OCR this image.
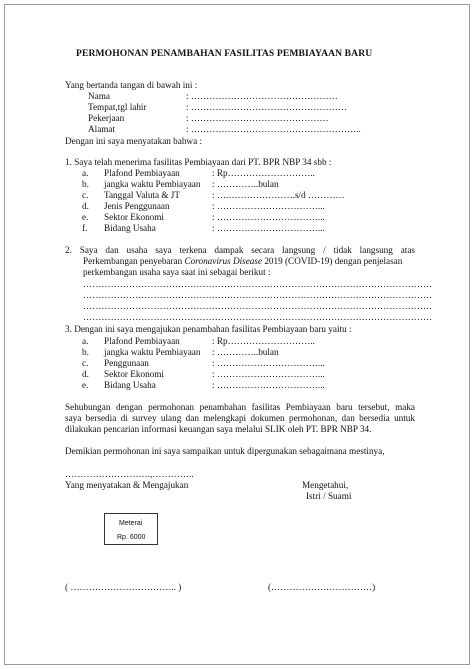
PERMOHONAN PENAMBAHAN FASILITAS PEMBIAYAAN BARU
Yang bertanda tangan di bawah ini :
Nama	: …………………………………………
Tempat,tgl lahir	: ……………………………………………
Pekerjaan	: ………………………………………
Alamat	: ………………………………………………..
Dengan ini saya menyatakan bahwa :
1. Saya telah menerima fasilitas Pembiayaan dari PT. BPR NBP 34 sbb :
a. Plafond Pembiayaan	: Rp………………………..
b. jangka waktu Pembiayaan : …………..bulan
c. Tanggal Valuta & JT	: ….………………….s/d …………
d. Jenis Penggunaan	: ……………………………...
e. Sektor Ekonomi	: ……………………………...
f. Bidang Usaha	: ……………………………...
2. Saya dan usaha saya terkena dampak secara langsung / tidak langsung atas
Perkembangan penyebaran Coronavirus Disease 2019 (COVID-19) dengan penjelasan
perkembangan usaha saya saat ini sebagai berikut :
……………………………………………………………………………………………………
……………………………………………………………………………………………………
……………………………………………………………………………………………………
……………………………………………………………………………………………………
3. Dengan ini saya mengajukan penambahan fasilitas Pembiayaan baru yaitu :
a. Plafond Pembiayaan	: Rp………………………..
b. jangka waktu Pembiayaan : …………..bulan
c. Penggunaan	: ……………………………...
d. Sektor Ekonomi	: ……………………………...
e. Bidang Usaha	: ……………………………...
Sehubungan dengan permohonan penambahan fasilitas Pembiayaan baru tersebut, maka
saya bersedia di survey ulang dan melengkapi dokumen permohonan, dan bersedia untuk
dilakukan pencarian informasi keuangan saya melalui SLIK oleh PT. BPR NBP 34.
Demikian permohonan ini saya sampaikan untuk dipergunakan sebagaimana mestinya,
……………………….,…………..
Yang menyatakan & Mengajukan	Mengetahui,
Istri / Suami
Meterai
Rp. 6000
( …………………………….. )	(……………………………)
